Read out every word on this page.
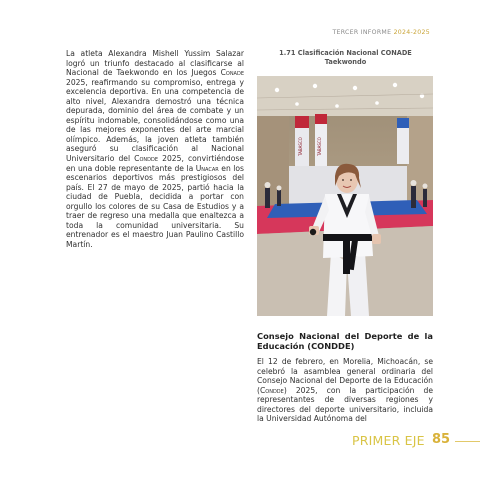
TERCER INFORME 2024-2025
La atleta Alexandra Mishell Yussim Salazar logró un triunfo destacado al clasificarse al Nacional de Taekwondo en los Juegos Conade 2025, reafirmando su compromiso, entrega y excelencia deportiva. En una competencia de alto nivel, Alexandra demostró una técnica depurada, dominio del área de combate y un espíritu indomable, consolidándose como una de las mejores exponentes del arte marcial olímpico. Además, la joven atleta también aseguró su clasificación al Nacional Universitario del Condde 2025, convirtiéndose en una doble representante de la Unacar en los escenarios deportivos más prestigiosos del país. El 27 de mayo de 2025, partió hacia la ciudad de Puebla, decidida a portar con orgullo los colores de su Casa de Estudios y a traer de regreso una medalla que enaltezca a toda la comunidad universitaria. Su entrenador es el maestro Juan Paulino Castillo Martín.
1.71 Clasificación Nacional CONADE Taekwondo
TABASCO	TABASCO
Consejo Nacional del Deporte de la Educación (CONDDE)
El 12 de febrero, en Morelia, Michoacán, se celebró la asamblea general ordinaria del Consejo Nacional del Deporte de la Educación (Condde) 2025, con la participación de representantes de diversas regiones y directores del deporte universitario, incluida la Universidad Autónoma del
PRIMER EJE 85
